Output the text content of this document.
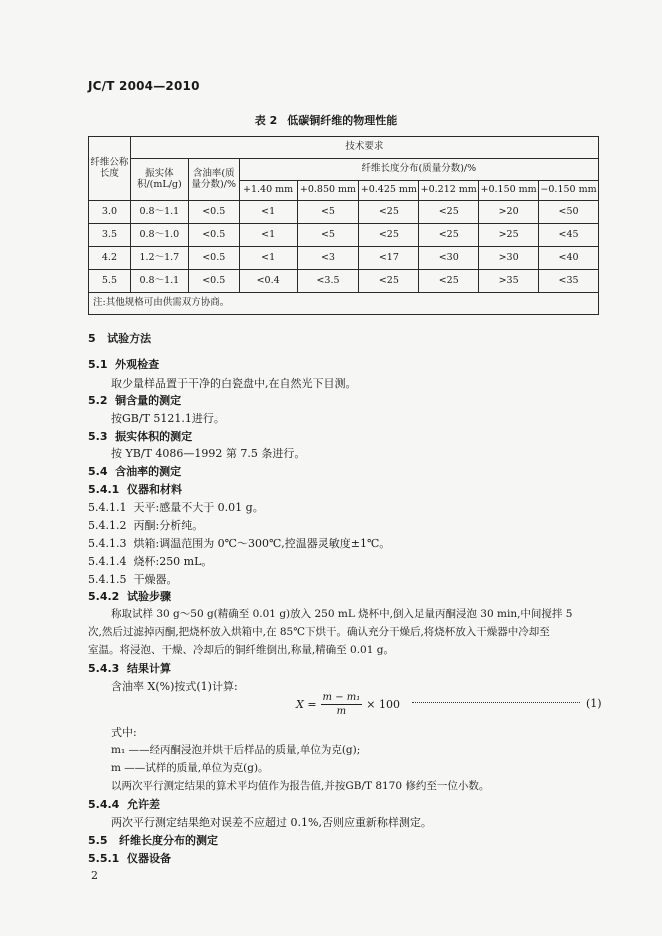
JC/T 2004—2010
表 2 低碳铜纤维的物理性能
纤维公称长度	技术要求							
	振实体积/(mL/g)	含油率(质量分数)/%	纤维长度分布(质量分数)/%					
			+1.40 mm	+0.850 mm	+0.425 mm	+0.212 mm	+0.150 mm	−0.150 mm
3.0	0.8～1.1	<0.5	<1	<5	<25	<25	>20	<50
3.5	0.8～1.0	<0.5	<1	<5	<25	<25	>25	<45
4.2	1.2～1.7	<0.5	<1	<3	<17	<30	>30	<40
5.5	0.8～1.1	<0.5	<0.4	<3.5	<25	<25	>35	<35
注:其他规格可由供需双方协商。								
5 试验方法
5.1 外观检查
取少量样品置于干净的白瓷盘中,在自然光下目测。
5.2 铜含量的测定
按GB/T 5121.1进行。
5.3 振实体积的测定
按 YB/T 4086—1992 第 7.5 条进行。
5.4 含油率的测定
5.4.1 仪器和材料
5.4.1.1 天平:感量不大于 0.01 g。
5.4.1.2 丙酮:分析纯。
5.4.1.3 烘箱:调温范围为 0℃～300℃,控温器灵敏度±1℃。
5.4.1.4 烧杯:250 mL。
5.4.1.5 干燥器。
5.4.2 试验步骤
称取试样 30 g～50 g(精确至 0.01 g)放入 250 mL 烧杯中,倒入足量丙酮浸泡 30 min,中间搅拌 5
次,然后过滤掉丙酮,把烧杯放入烘箱中,在 85℃下烘干。确认充分干燥后,将烧杯放入干燥器中冷却至
室温。将浸泡、干燥、冷却后的铜纤维倒出,称量,精确至 0.01 g。
5.4.3 结果计算
含油率 X(%)按式(1)计算:
$X = \frac{\text{m − m₁}}{m} \times 100$	(1)
式中:
m₁ ——经丙酮浸泡并烘干后样品的质量,单位为克(g);
m ——试样的质量,单位为克(g)。
以两次平行测定结果的算术平均值作为报告值,并按GB/T 8170 修约至一位小数。
5.4.4 允许差
两次平行测定结果绝对误差不应超过 0.1%,否则应重新称样测定。
5.5 纤维长度分布的测定
5.5.1 仪器设备
2
